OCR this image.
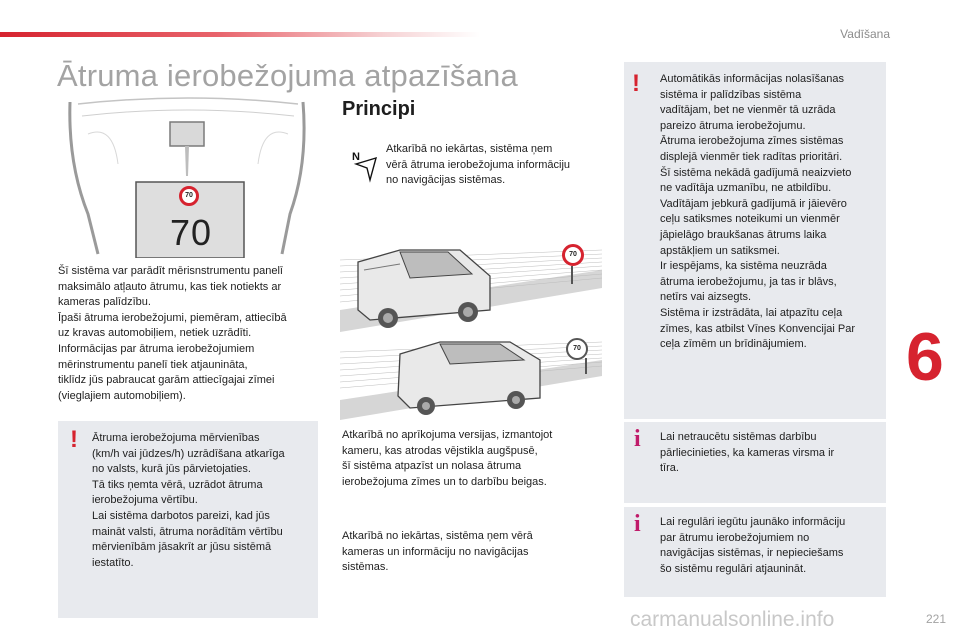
Vadīšana
6
Ātruma ierobežojuma atpazīšana
70
70
Šī sistēma var parādīt mērisnstrumentu panelī
maksimālo atļauto ātrumu, kas tiek notiekts ar
kameras palīdzību.
Īpaši ātruma ierobežojumi, piemēram, attiecībā
uz kravas automobiļiem, netiek uzrādīti.
Informācijas par ātruma ierobežojumiem
mērinstrumentu panelī tiek atjaunināta,
tiklīdz jūs pabraucat garām attiecīgajai zīmei
(vieglajiem automobiļiem).
! Ātruma ierobežojuma mērvienības
(km/h vai jūdzes/h) uzrādīšana atkarīga
no valsts, kurā jūs pārvietojaties.
Tā tiks ņemta vērā, uzrādot ātruma
ierobežojuma vērtību.
Lai sistēma darbotos pareizi, kad jūs
maināt valsti, ātruma norādītām vērtību
mērvienībām jāsakrīt ar jūsu sistēmā
iestatīto.
Principi
N
Atkarībā no iekārtas, sistēma ņem
vērā ātruma ierobežojuma informāciju
no navigācijas sistēmas.
70
70
Atkarībā no aprīkojuma versijas, izmantojot
kameru, kas atrodas vējstikla augšpusē,
šī sistēma atpazīst un nolasa ātruma
ierobežojuma zīmes un to darbību beigas.
Atkarībā no iekārtas, sistēma ņem vērā
kameras un informāciju no navigācijas
sistēmas.
! Automātikās informācijas nolasīšanas
sistēma ir palīdzības sistēma
vadītājam, bet ne vienmēr tā uzrāda
pareizo ātruma ierobežojumu.
Ātruma ierobežojuma zīmes sistēmas
displejā vienmēr tiek radītas prioritāri.
Šī sistēma nekādā gadījumā neaizvieto
ne vadītāja uzmanību, ne atbildību.
Vadītājam jebkurā gadījumā ir jāievēro
ceļu satiksmes noteikumi un vienmēr
jāpielāgo braukšanas ātrums laika
apstākļiem un satiksmei.
Ir iespējams, ka sistēma neuzrāda
ātruma ierobežojumu, ja tas ir blāvs,
netīrs vai aizsegts.
Sistēma ir izstrādāta, lai atpazītu ceļa
zīmes, kas atbilst Vīnes Konvencijai Par
ceļa zīmēm un brīdinājumiem.
i Lai netraucētu sistēmas darbību
pārliecinieties, ka kameras virsma ir
tīra.
i Lai regulāri iegūtu jaunāko informāciju
par ātrumu ierobežojumiem no
navigācijas sistēmas, ir nepieciešams
šo sistēmu regulāri atjaunināt.
221
carmanualsonline.info
